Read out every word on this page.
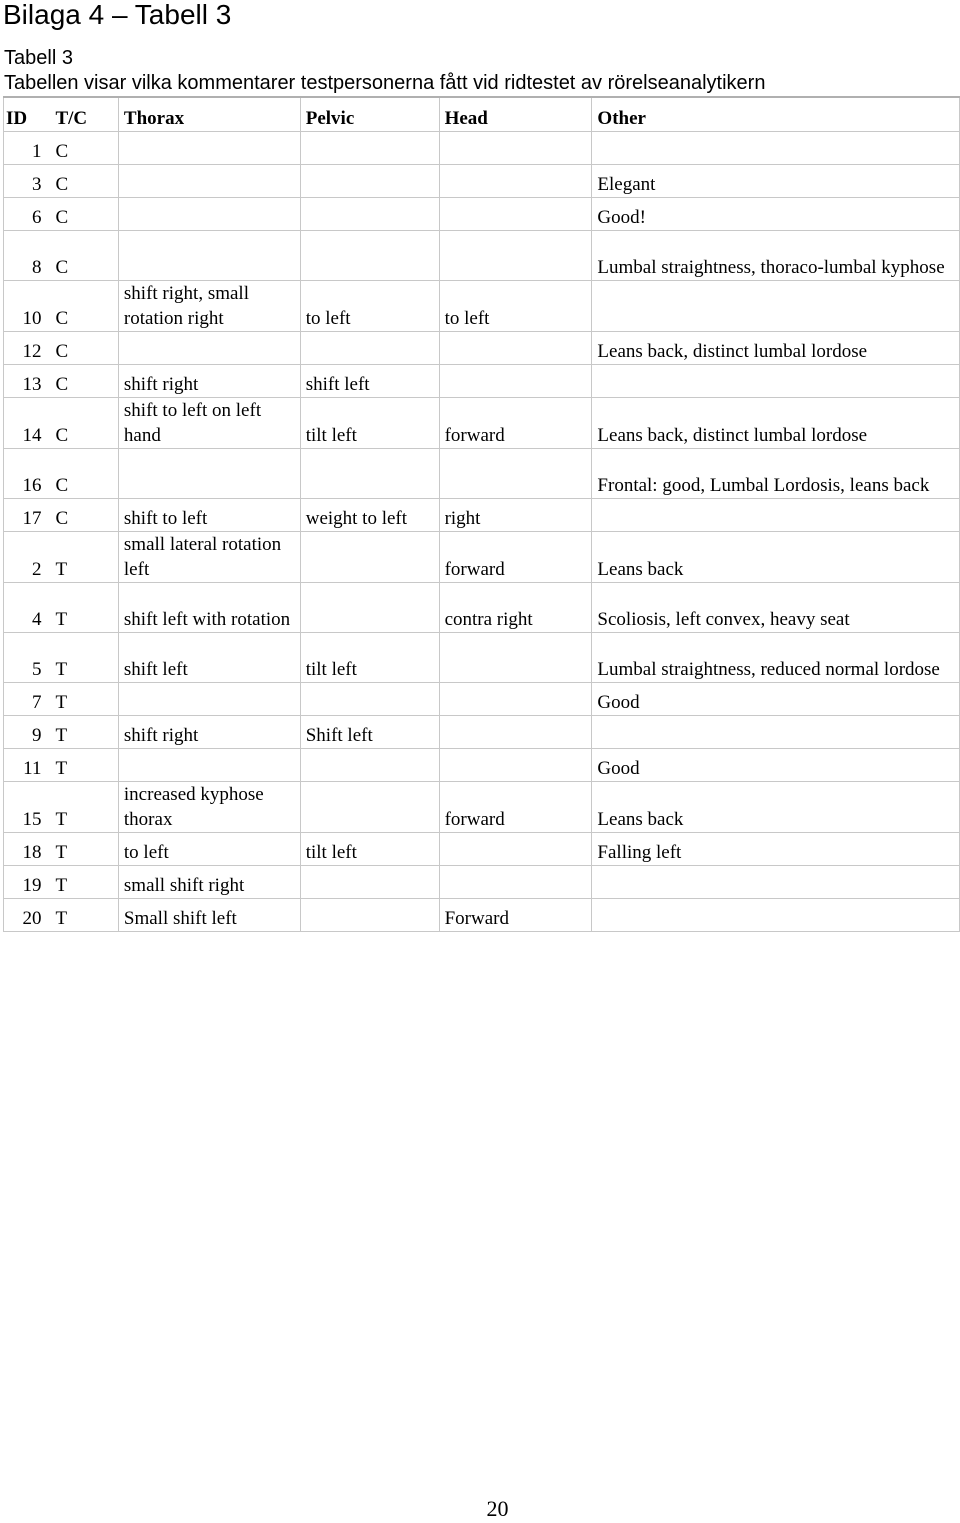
Bilaga 4 – Tabell 3
Tabell 3
Tabellen visar vilka kommentarer testpersonerna fått vid ridtestet av rörelseanalytikern
ID	T/C	Thorax	Pelvic	Head	Other
1	C				
3	C				Elegant
6	C				Good!
8	C				Lumbal straightness, thoraco-lumbal kyphose
10	C	shift right, small rotation right	to left	to left	
12	C				Leans back, distinct lumbal lordose
13	C	shift right	shift left		
14	C	shift to left on left hand	tilt left	forward	Leans back, distinct lumbal lordose
16	C				Frontal: good, Lumbal Lordosis, leans back
17	C	shift to left	weight to left	right	
2	T	small lateral rotation left		forward	Leans back
4	T	shift left with rotation		contra right	Scoliosis, left convex, heavy seat
5	T	shift left	tilt left		Lumbal straightness, reduced normal lordose
7	T				Good
9	T	shift right	Shift left		
11	T				Good
15	T	increased kyphose thorax		forward	Leans back
18	T	to left	tilt left		Falling left
19	T	small shift right			
20	T	Small shift left		Forward	
20
